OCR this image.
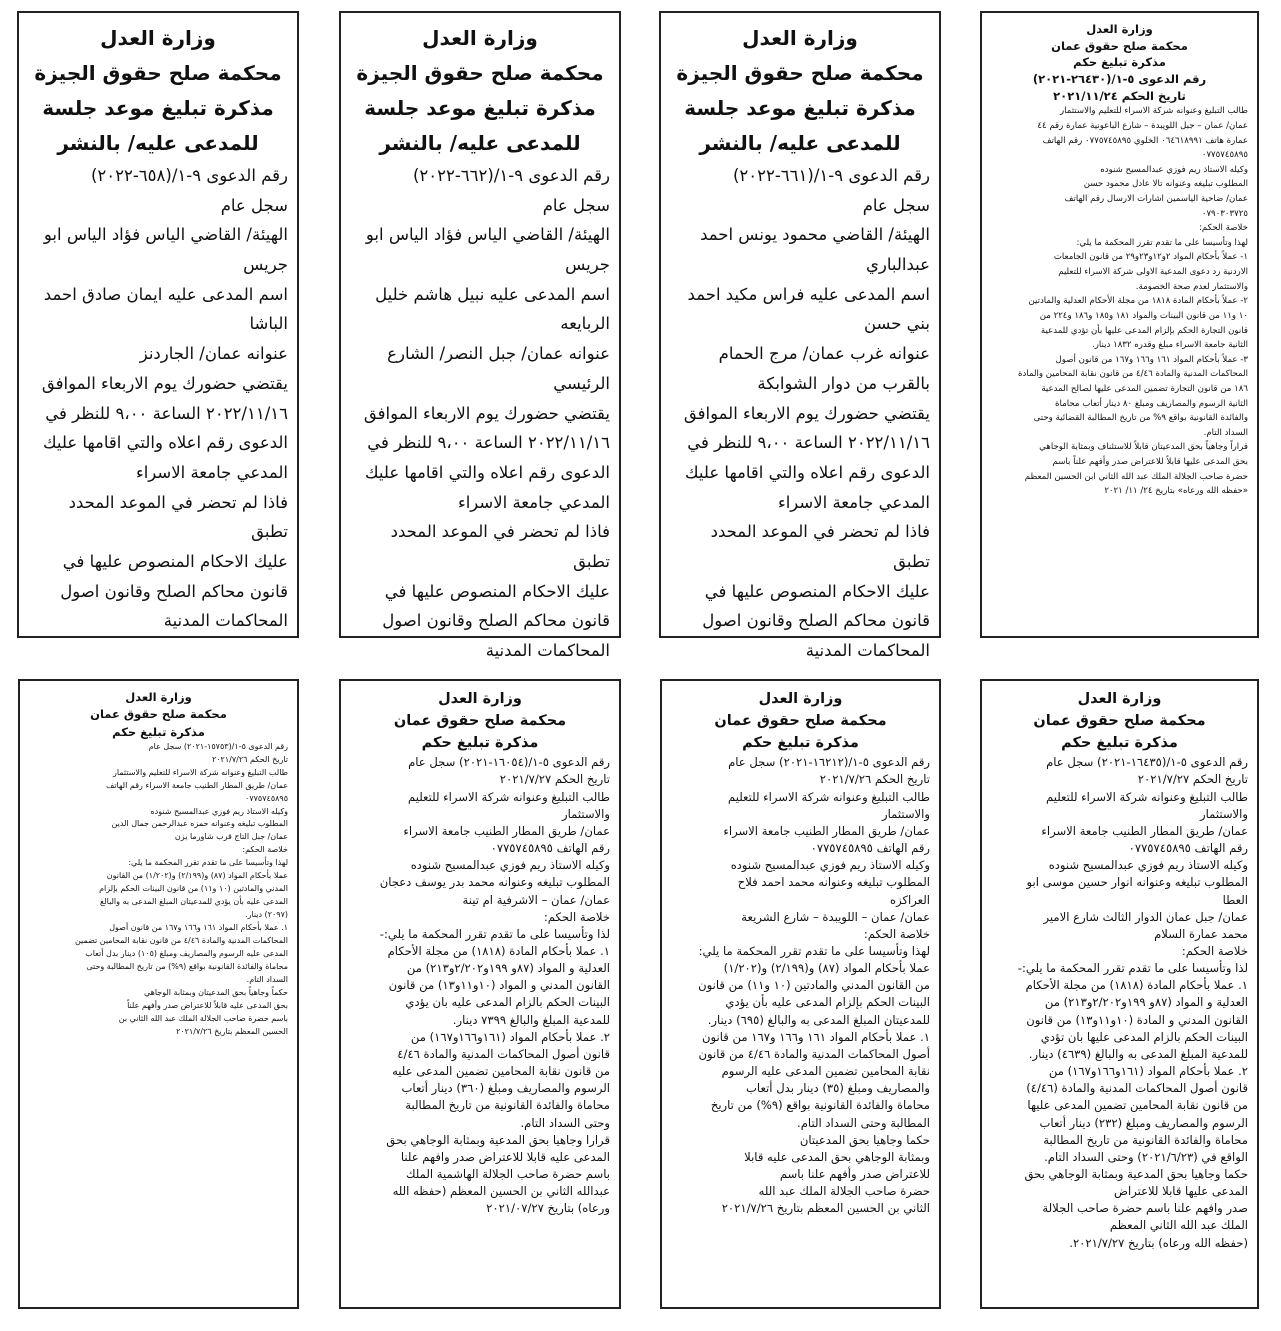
وزارة العدل
محكمة صلح حقوق الجيزة
مذكرة تبليغ موعد جلسة
للمدعى عليه/ بالنشر
رقم الدعوى ٩-١/(٦٥٨-٢٠٢٢)
سجل عام
الهيئة/ القاضي الياس فؤاد الياس ابو
جريس
اسم المدعى عليه ايمان صادق احمد
الباشا
عنوانه عمان/ الجاردنز
يقتضي حضورك يوم الاربعاء الموافق
٢٠٢٢/١١/١٦ الساعة ٩،٠٠ للنظر في
الدعوى رقم اعلاه والتي اقامها عليك
المدعي جامعة الاسراء
فاذا لم تحضر في الموعد المحدد تطبق
عليك الاحكام المنصوص عليها في
قانون محاكم الصلح وقانون اصول
المحاكمات المدنية
وزارة العدل
محكمة صلح حقوق الجيزة
مذكرة تبليغ موعد جلسة
للمدعى عليه/ بالنشر
رقم الدعوى ٩-١/(٦٦٢-٢٠٢٢)
سجل عام
الهيئة/ القاضي الياس فؤاد الياس ابو
جريس
اسم المدعى عليه نبيل هاشم خليل
الربايعه
عنوانه عمان/ جبل النصر/ الشارع
الرئيسي
يقتضي حضورك يوم الاربعاء الموافق
٢٠٢٢/١١/١٦ الساعة ٩،٠٠ للنظر في
الدعوى رقم اعلاه والتي اقامها عليك
المدعي جامعة الاسراء
فاذا لم تحضر في الموعد المحدد تطبق
عليك الاحكام المنصوص عليها في
قانون محاكم الصلح وقانون اصول
المحاكمات المدنية
وزارة العدل
محكمة صلح حقوق الجيزة
مذكرة تبليغ موعد جلسة
للمدعى عليه/ بالنشر
رقم الدعوى ٩-١/(٦٦١-٢٠٢٢)
سجل عام
الهيئة/ القاضي محمود يونس احمد
عبدالباري
اسم المدعى عليه فراس مكيد احمد
بني حسن
عنوانه غرب عمان/ مرج الحمام
بالقرب من دوار الشوابكة
يقتضي حضورك يوم الاربعاء الموافق
٢٠٢٢/١١/١٦ الساعة ٩،٠٠ للنظر في
الدعوى رقم اعلاه والتي اقامها عليك
المدعي جامعة الاسراء
فاذا لم تحضر في الموعد المحدد تطبق
عليك الاحكام المنصوص عليها في
قانون محاكم الصلح وقانون اصول
المحاكمات المدنية
وزارة العدل
محكمة صلح حقوق عمان
مذكرة تبليغ حكم
رقم الدعوى ٥-١/(٢٦٤٣٠-٢٠٢١)
تاريخ الحكم ٢٠٢١/١١/٢٤
طالب التبليغ وعنوانه شركة الاسراء للتعليم والاستثمار
عمان/ عمان – جبل اللويبدة – شارع الباعونية عمارة رقم ٤٤
عمارة هاتف ٠٦٤٦١٨٩٩١ الخلوي ٠٧٧٥٧٤٥٨٩٥ رقم الهاتف
٠٧٧٥٧٤٥٨٩٥
وكيله الاستاذ ريم فوزي عبدالمسيح شنوده
المطلوب تبليغه وعنوانه تالا عادل محمود حسن
عمان/ ضاحية الياسمين اشارات الارسال رقم الهاتف
٠٧٩٠٣٠٣٧٢٥
خلاصة الحكم:
لهذا وتأسيسا على ما تقدم تقرر المحكمة ما يلي:
١- عملاً بأحكام المواد ٢و١٢و٢٣و٢٩ من قانون الجامعات
الاردنية رد دعوى المدعية الاولى شركة الاسراء للتعليم
والاستثمار لعدم صحة الخصومة.
٢- عملاً بأحكام المادة ١٨١٨ من مجلة الأحكام العدلية والمادتين
١٠ و١١ من قانون البينات والمواد ١٨١ و١٨٥ و١٨٦ و٢٢٤ من
قانون التجارة الحكم بإلزام المدعى عليها بأن تؤدي للمدعية
الثانية جامعة الاسراء مبلغ وقدره ١٨٣٢ دينار.
٣- عملاً بأحكام المواد ١٦١ و١٦٦ و١٦٧ من قانون أصول
المحاكمات المدنية والمادة ٤/٤٦ من قانون نقابة المحامين والمادة
١٨٦ من قانون التجارة تضمين المدعى عليها لصالح المدعية
الثانية الرسوم والمصاريف ومبلغ ٨٠ دينار أتعاب محاماة
والفائدة القانونية بواقع ٩% من تاريخ المطالبة القضائية وحتى
السداد التام.
قراراً وجاهياً بحق المدعيتان قابلاً للاستئناف وبمثابة الوجاهي
بحق المدعى عليها قابلاً للاعتراض صدر وأفهم علناً باسم
حضرة صاحب الجلالة الملك عبد الله الثاني ابن الحسين المعظم
«حفظه الله ورعاه» بتاريخ ٢٤/ ١١/ ٢٠٢١
وزارة العدل
محكمة صلح حقوق عمان
مذكرة تبليغ حكم
رقم الدعوى ٥-١/(١٥٧٥٣-٢٠٢١) سجل عام
تاريخ الحكم ٢٠٢١/٧/٢٦
طالب التبليغ وعنوانه شركة الاسراء للتعليم والاستثمار
عمان/ طريق المطار الطنيب جامعة الاسراء رقم الهاتف
٠٧٧٥٧٤٥٨٩٥
وكيله الاستاذ ريم فوزي عبدالمسيح شنوده
المطلوب تبليغه وعنوانه حمزه عبدالرحمن جمال الدين
عمان/ جبل التاج قرب شاورما يزن
خلاصة الحكم:
لهذا وتأسيسا على ما تقدم تقرر المحكمة ما يلي:
عملا بأحكام المواد (٨٧) و(٢/١٩٩) و(١/٢٠٢) من القانون
المدني والمادتين (١٠ و١١) من قانون البينات الحكم بإلزام
المدعى عليه بأن يؤدي للمدعيتان المبلغ المدعى به والبالغ
(٢٠٩٧) دينار.
١. عملا بأحكام المواد ١٦١ و١٦٦ و١٦٧ من قانون أصول
المحاكمات المدنية والمادة ٤/٤٦ من قانون نقابة المحامين تضمين
المدعى عليه الرسوم والمصاريف ومبلغ (١٠٥) دينار بدل أتعاب
محاماة والفائدة القانونية بواقع (٩%) من تاريخ المطالبة وحتى
السداد التام.
حكماً وجاهياً بحق المدعيتان وبمثابة الوجاهي
بحق المدعى عليه قابلاً للاعتراض صدر وأفهم علناً
باسم حضرة صاحب الجلالة الملك عبد الله الثاني بن
الحسين المعظم بتاريخ ٢٠٢١/٧/٢٦
وزارة العدل
محكمة صلح حقوق عمان
مذكرة تبليغ حكم
رقم الدعوى ٥-١/(١٦٠٥٤-٢٠٢١) سجل عام
تاريخ الحكم ٢٠٢١/٧/٢٧
طالب التبليغ وعنوانه شركة الاسراء للتعليم
والاستثمار
عمان/ طريق المطار الطنيب جامعة الاسراء
رقم الهاتف ٠٧٧٥٧٤٥٨٩٥
وكيله الاستاذ ريم فوزي عبدالمسيح شنوده
المطلوب تبليغه وعنوانه محمد بدر يوسف دعجان
عمان/ عمان – الاشرفية ام تينة
خلاصة الحكم:
لذا وتأسيسا على ما تقدم تقرر المحكمة ما يلي:-
١. عملا بأحكام المادة (١٨١٨) من مجلة الأحكام
العدلية و المواد (٨٧و ١٩٩و٢/٢٠٢و٢١٣) من
القانون المدني و المواد (١٠و١١و١٣) من قانون
البينات الحكم بالزام المدعى عليه بان يؤدي
للمدعية المبلغ والبالغ ٧٣٩٩ دينار.
٢. عملا بأحكام المواد (١٦١و١٦٦و١٦٧) من
قانون أصول المحاكمات المدنية والمادة ٤/٤٦
من قانون نقابة المحامين تضمين المدعى عليه
الرسوم والمصاريف ومبلغ (٣٦٠) دينار أتعاب
محاماة والفائدة القانونية من تاريخ المطالبة
وحتى السداد التام.
قرارا وجاهيا بحق المدعية وبمثابة الوجاهي بحق
المدعى عليه قابلا للاعتراض صدر وافهم علنا
باسم حضرة صاحب الجلالة الهاشمية الملك
عبدالله الثاني بن الحسين المعظم (حفظه الله
ورعاه) بتاريخ ٢٠٢١/٠٧/٢٧
وزارة العدل
محكمة صلح حقوق عمان
مذكرة تبليغ حكم
رقم الدعوى ٥-١/(١٦٢١٢-٢٠٢١) سجل عام
تاريخ الحكم ٢٠٢١/٧/٢٦
طالب التبليغ وعنوانه شركة الاسراء للتعليم
والاستثمار
عمان/ طريق المطار الطنيب جامعة الاسراء
رقم الهاتف ٠٧٧٥٧٤٥٨٩٥
وكيله الاستاذ ريم فوزي عبدالمسيح شنوده
المطلوب تبليغه وعنوانه محمد احمد فلاح
العراكزه
عمان/ عمان – اللويبدة – شارع الشريعة
خلاصة الحكم:
لهذا وتأسيسا على ما تقدم تقرر المحكمة ما يلي:
عملا بأحكام المواد (٨٧) و(٢/١٩٩) و(١/٢٠٢)
من القانون المدني والمادتين (١٠ و١١) من قانون
البينات الحكم بإلزام المدعى عليه بأن يؤدي
للمدعيتان المبلغ المدعى به والبالغ (٦٩٥) دينار.
١. عملا بأحكام المواد ١٦١ و١٦٦ و١٦٧ من قانون
أصول المحاكمات المدنية والمادة ٤/٤٦ من قانون
نقابة المحامين تضمين المدعى عليه الرسوم
والمصاريف ومبلغ (٣٥) دينار بدل أتعاب
محاماة والفائدة القانونية بواقع (٩%) من تاريخ
المطالبة وحتى السداد التام.
حكما وجاهيا بحق المدعيتان
وبمثابة الوجاهي بحق المدعى عليه قابلا
للاعتراض صدر وأفهم علنا باسم
حضرة صاحب الجلالة الملك عبد الله
الثاني بن الحسين المعظم بتاريخ ٢٠٢١/٧/٢٦
وزارة العدل
محكمة صلح حقوق عمان
مذكرة تبليغ حكم
رقم الدعوى ٥-١/(١٦٤٣٥-٢٠٢١) سجل عام
تاريخ الحكم ٢٠٢١/٧/٢٧
طالب التبليغ وعنوانه شركة الاسراء للتعليم
والاستثمار
عمان/ طريق المطار الطنيب جامعة الاسراء
رقم الهاتف ٠٧٧٥٧٤٥٨٩٥
وكيله الاستاذ ريم فوزي عبدالمسيح شنوده
المطلوب تبليغه وعنوانه انوار حسين موسى ابو
العطا
عمان/ جبل عمان الدوار الثالث شارع الامير
محمد عمارة السلام
خلاصة الحكم:
لذا وتأسيسا على ما تقدم تقرر المحكمة ما يلي:-
١. عملا بأحكام المادة (١٨١٨) من مجلة الأحكام
العدلية و المواد (٨٧و ١٩٩و٢/٢٠٢و٢١٣) من
القانون المدني و المادة (١٠و١١و١٣) من قانون
البينات الحكم بالزام المدعى عليها بان تؤدي
للمدعية المبلغ المدعى به والبالغ (٤٦٣٩) دينار.
٢. عملا بأحكام المواد (١٦١و١٦٦و١٦٧) من
قانون أصول المحاكمات المدنية والمادة (٤/٤٦)
من قانون نقابة المحامين تضمين المدعى عليها
الرسوم والمصاريف ومبلغ (٢٣٢) دينار أتعاب
محاماة والفائدة القانونية من تاريخ المطالبة
الواقع في (٢٠٢١/٦/٢٣) وحتى السداد التام.
حكما وجاهيا بحق المدعية وبمثابة الوجاهي بحق
المدعى عليها قابلا للاعتراض
صدر وافهم علنا باسم حضرة صاحب الجلالة
الملك عبد الله الثاني المعظم
(حفظه الله ورعاه) بتاريخ ٢٠٢١/٧/٢٧.
